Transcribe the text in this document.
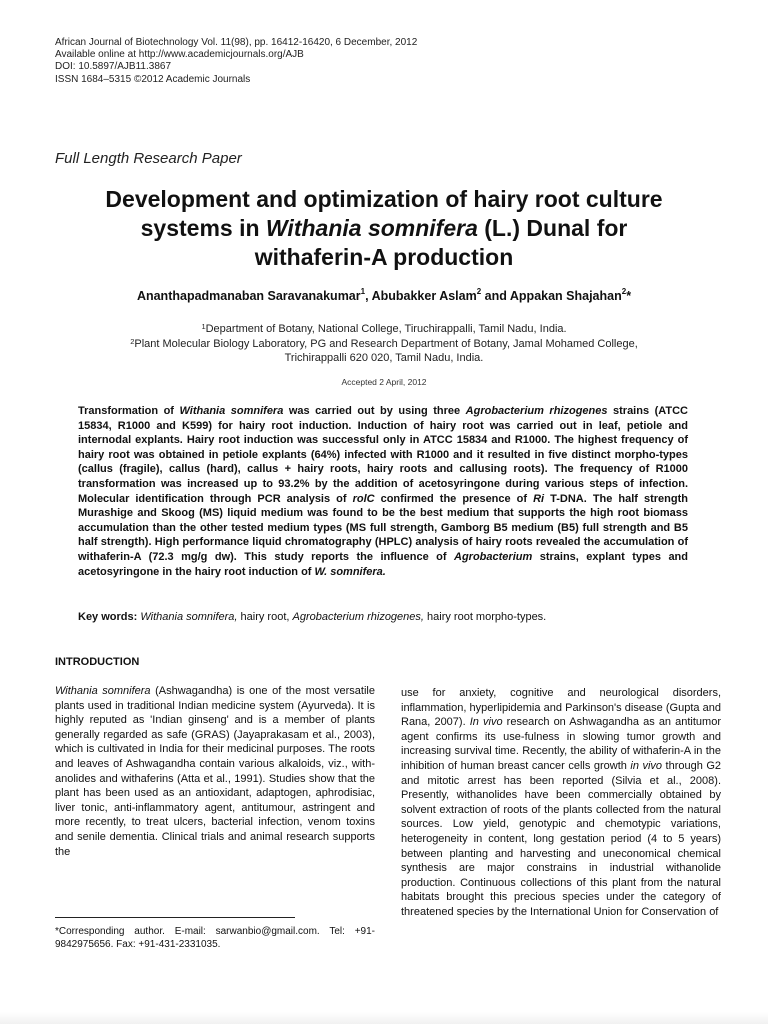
African Journal of Biotechnology Vol. 11(98), pp. 16412-16420, 6 December, 2012
Available online at http://www.academicjournals.org/AJB
DOI: 10.5897/AJB11.3867
ISSN 1684–5315 ©2012 Academic Journals
Full Length Research Paper
Development and optimization of hairy root culture
systems in Withania somnifera (L.) Dunal for
withaferin-A production
Ananthapadmanaban Saravanakumar$^1$, Abubakker Aslam$^2$ and Appakan Shajahan$^2$*
$^1$Department of Botany, National College, Tiruchirappalli, Tamil Nadu, India.
$^2$Plant Molecular Biology Laboratory, PG and Research Department of Botany, Jamal Mohamed College,
Trichirappalli 620 020, Tamil Nadu, India.
Accepted 2 April, 2012

Transformation of Withania somnifera was carried out by using three Agrobacterium rhizogenes strains (ATCC 15834, R1000 and K599) for hairy root induction. Induction of hairy root was carried out in leaf, petiole and internodal explants. Hairy root induction was successful only in ATCC 15834 and R1000. The highest frequency of hairy root was obtained in petiole explants (64%) infected with R1000 and it resulted in five distinct morpho-types (callus (fragile), callus (hard), callus + hairy roots, hairy roots and callusing roots). The frequency of R1000 transformation was increased up to 93.2% by the addition of acetosyringone during various steps of infection. Molecular identification through PCR analysis of rolC confirmed the presence of Ri T-DNA. The half strength Murashige and Skoog (MS) liquid medium was found to be the best medium that supports the high root biomass accumulation than the other tested medium types (MS full strength, Gamborg B5 medium (B5) full strength and B5 half strength). High performance liquid chromatography (HPLC) analysis of hairy roots revealed the accumulation of withaferin-A (72.3 mg/g dw). This study reports the influence of Agrobacterium strains, explant types and acetosyringone in the hairy root induction of W. somnifera.

Key words: Withania somnifera, hairy root, Agrobacterium rhizogenes, hairy root morpho-types.
INTRODUCTION

Withania somnifera (Ashwagandha) is one of the most versatile plants used in traditional Indian medicine system (Ayurveda). It is highly reputed as 'Indian ginseng' and is a member of plants generally regarded as safe (GRAS) (Jayaprakasam et al., 2003), which is cultivated in India for their medicinal purposes. The roots and leaves of Ashwagandha contain various alkaloids, viz., with-anolides and withaferins (Atta et al., 1991). Studies show that the plant has been used as an antioxidant, adaptogen, aphrodisiac, liver tonic, anti-inflammatory agent, antitumour, astringent and more recently, to treat ulcers, bacterial infection, venom toxins and senile dementia. Clinical trials and animal research supports the

use for anxiety, cognitive and neurological disorders, inflammation, hyperlipidemia and Parkinson's disease (Gupta and Rana, 2007). In vivo research on Ashwagandha as an antitumor agent confirms its use-fulness in slowing tumor growth and increasing survival time. Recently, the ability of withaferin-A in the inhibition of human breast cancer cells growth in vivo through G2 and mitotic arrest has been reported (Silvia et al., 2008). Presently, withanolides have been commercially obtained by solvent extraction of roots of the plants collected from the natural sources. Low yield, genotypic and chemotypic variations, heterogeneity in content, long gestation period (4 to 5 years) between planting and harvesting and uneconomical chemical synthesis are major constrains in industrial withanolide production. Continuous collections of this plant from the natural habitats brought this precious species under the category of threatened species by the International Union for Conservation of

*Corresponding author. E-mail: sarwanbio@gmail.com. Tel: +91-9842975656. Fax: +91-431-2331035.
